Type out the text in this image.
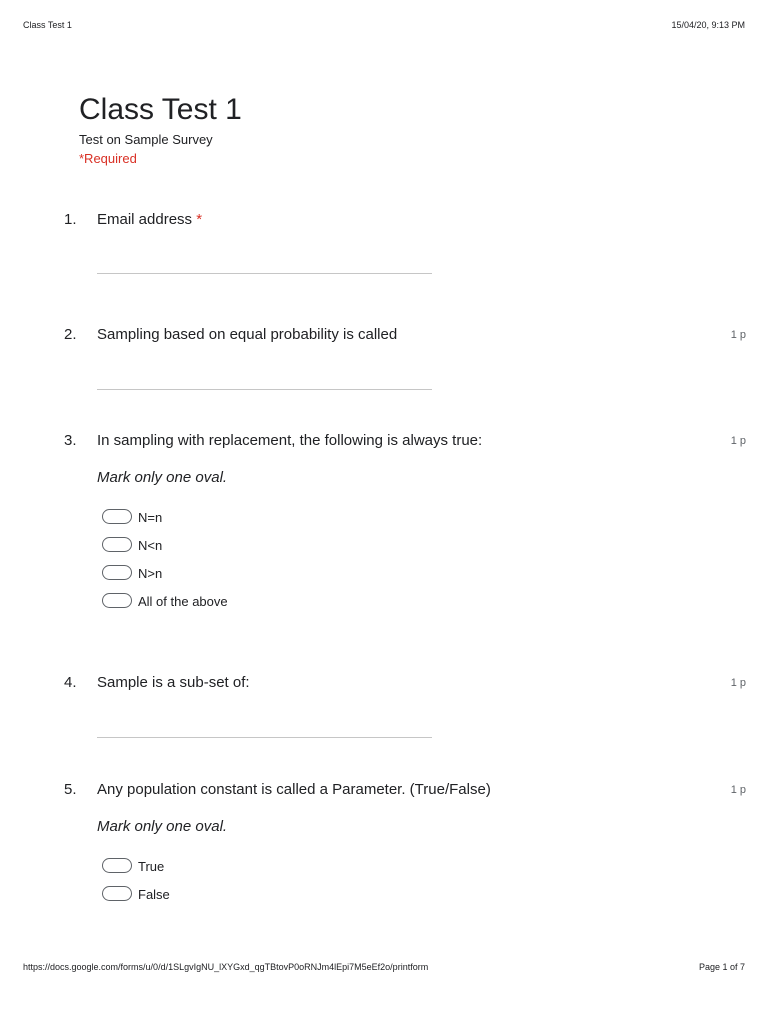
Class Test 1	15/04/20, 9:13 PM
Class Test 1
Test on Sample Survey
*Required
1. Email address *
2. Sampling based on equal probability is called	1 p
3. In sampling with replacement, the following is always true:	1 p
Mark only one oval.
N=n
N<n
N>n
All of the above
4. Sample is a sub-set of:	1 p
5. Any population constant is called a Parameter. (True/False)	1 p
Mark only one oval.
True
False
https://docs.google.com/forms/u/0/d/1SLgvIgNU_lXYGxd_qgTBtovP0oRNJm4lEpi7M5eEf2o/printform	Page 1 of 7
